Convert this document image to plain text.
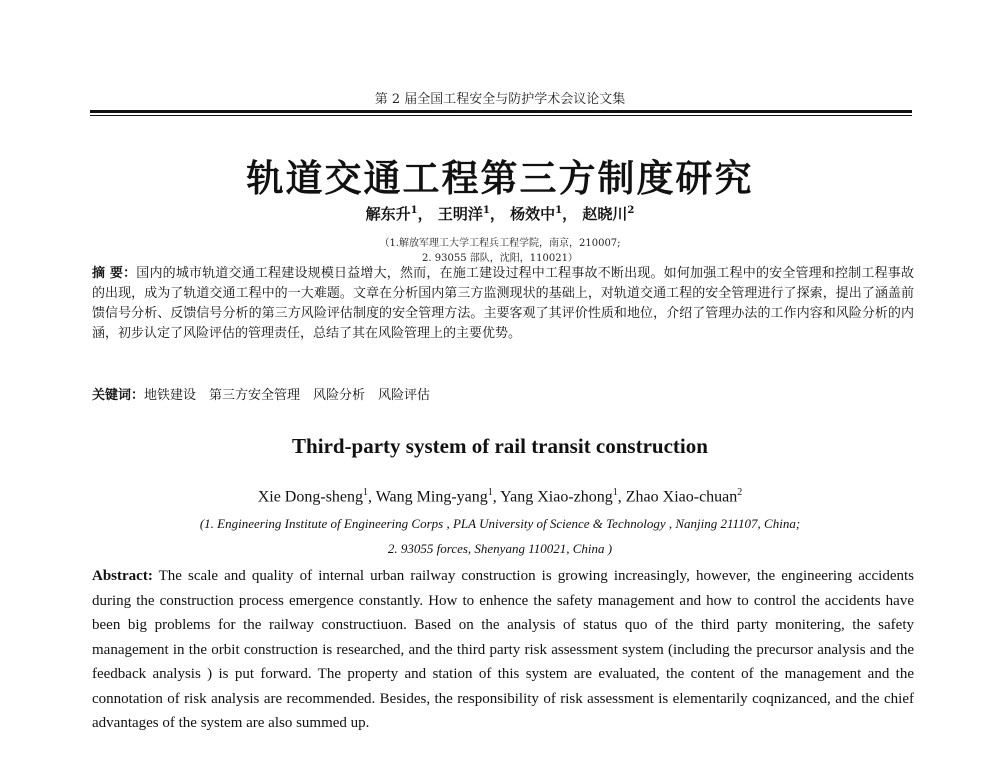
第 2 届全国工程安全与防护学术会议论文集
轨道交通工程第三方制度研究
解东升$^1$， 王明洋$^1$， 杨效中$^1$， 赵晓川$^2$
（1.解放军理工大学工程兵工程学院，南京，210007;
2. 93055 部队，沈阳，110021）
摘 要：国内的城市轨道交通工程建设规模日益增大，然而，在施工建设过程中工程事故不断出现。如何加强工程中的安全管理和控制工程事故的出现，成为了轨道交通工程中的一大难题。文章在分析国内第三方监测现状的基础上，对轨道交通工程的安全管理进行了探索，提出了涵盖前馈信号分析、反馈信号分析的第三方风险评估制度的安全管理方法。主要客观了其评价性质和地位，介绍了管理办法的工作内容和风险分析的内涵，初步认定了风险评估的管理责任，总结了其在风险管理上的主要优势。
关键词：地铁建设　第三方安全管理　风险分析　风险评估
Third-party system of rail transit construction
Xie Dong-sheng$^1$, Wang Ming-yang$^1$, Yang Xiao-zhong$^1$, Zhao Xiao-chuan$^2$
(1. Engineering Institute of Engineering Corps , PLA University of Science & Technology , Nanjing 211107, China;
2. 93055 forces, Shenyang 110021, China )
Abstract: The scale and quality of internal urban railway construction is growing increasingly, however, the engineering accidents during the construction process emergence constantly. How to enhence the safety management and how to control the accidents have been big problems for the railway constructiuon. Based on the analysis of status quo of the third party monitering, the safety management in the orbit construction is researched, and the third party risk assessment system (including the precursor analysis and the feedback analysis ) is put forward. The property and station of this system are evaluated, the content of the management and the connotation of risk analysis are recommended. Besides, the responsibility of risk assessment is elementarily coqnizanced, and the chief advantages of the system are also summed up.
